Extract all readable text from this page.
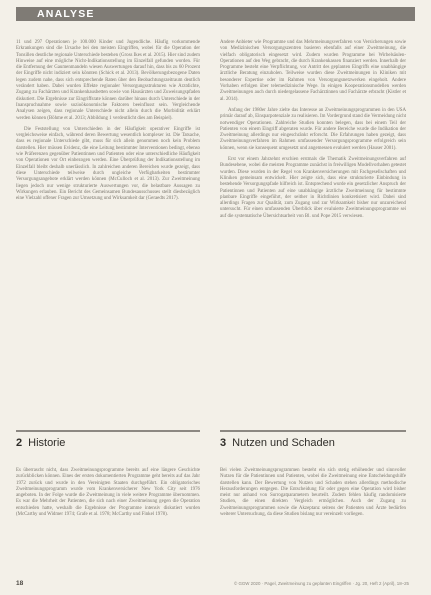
ANALYSE

11 und 297 Operationen je 100.000 Kinder und Jugendliche. Häufig vorkommende Erkrankungen sind die Ursache bei den meisten Eingriffen, wobei für die Operation der Tonsillen deutliche regionale Unterschiede bestehen (Gross Ikes et al. 2015). Hier sind zudem Hinweise auf eine mögliche Nicht-Indikationsstellung im Einzelfall gefunden worden. Für die Entfernung der Gaumenmandeln wiesen Auswertungen darauf hin, dass bis zu 60 Prozent der Eingriffe nicht indiziert sein könnten (Schick et al. 2013). Bevölkerungsbezogene Daten legen zudem nahe, dass sich entsprechende Raten über den Beobachtungszeitraum deutlich verändert haben. Dabei wurden Effekte regionaler Versorgungsstrukturen wie Arztdichte, Zugang zu Fachärzten und Krankenhausbetten sowie von Hausärzten und Zuweisungspfaden diskutiert. Die Ergebnisse zur Eingriffsrate können darüber hinaus durch Unterschiede in der Inanspruchnahme sowie sozioökonomische Faktoren beeinflusst sein. Vergleichende Analysen zeigen, dass regionale Unterschiede nicht allein durch die Morbidität erklärt werden können (Böhme et al. 2013; Abbildung 1 verdeutlicht dies am Beispiel).

Die Feststellung von Unterschieden in der Häufigkeit operativer Eingriffe ist vergleichsweise einfach, während deren Bewertung wesentlich komplexer ist. Die Tatsache, dass es regionale Unterschiede gibt, muss für sich allein genommen noch kein Problem darstellen. Hier müssen Evidenz, die eine Leitung bestimmter Interventionen bedingt, ebenso wie Präferenzen gegenüber Patientinnen und Patienten oder eine unterschiedliche Häufigkeit von Operationen vor Ort einbezogen werden. Eine Überprüfung der Indikationsstellung im Einzelfall bleibt deshalb unerlässlich. In zahlreichen anderen Bereichen wurde gezeigt, dass diese Unterschiede teilweise durch ungleiche Verfügbarkeiten bestimmter Versorgungsangebote erklärt werden können (McCulloch et al. 2013). Zur Zweitmeinung liegen jedoch nur wenige strukturierte Auswertungen vor, die belastbare Aussagen zu Wirkungen erlauben. Ein Bericht des Gemeinsamen Bundesausschusses stellt diesbezüglich eine Vielzahl offener Fragen zur Umsetzung und Wirksamkeit dar (Geraedts 2017).

Andere Anbieter wie Programme und das Mehrmeinungsverfahren von Versicherungen sowie von Medizinischen Versorgungszentren basieren ebenfalls auf einer Zweitmeinung, die vielfach obligatorisch eingesetzt wird. Zudem wurden Programme bei Wirbelsäulen-Operationen auf den Weg gebracht, die durch Krankenkassen finanziert werden. Innerhalb der Programme besteht eine Verpflichtung, vor Antritt des geplanten Eingriffs eine unabhängige ärztliche Beratung einzuholen. Teilweise wurden diese Zweitmeinungen in Kliniken mit besonderer Expertise oder im Rahmen von Versorgungsnetzwerken eingeholt. Andere Vorhaben erfolgen über telemedizinische Wege. In einigen Kooperationsmodellen werden Zweitmeinungen auch durch niedergelassene Fachärztinnen und Fachärzte erbracht (Kistler et al. 2014).

Anfang der 1980er Jahre zielte das Interesse an Zweitmeinungsprogrammen in den USA primär darauf ab, Einsparpotenziale zu realisieren. Im Vordergrund stand die Vermeidung nicht notwendiger Operationen. Zahlreiche Studien konnten belegen, dass bei einem Teil der Patienten von einem Eingriff abgeraten wurde. Für andere Bereiche wurde die Indikation der Zweitmeinung allerdings nur eingeschränkt erforscht. Die Erfahrungen haben gezeigt, dass Zweitmeinungsverfahren im Rahmen umfassender Versorgungsprogramme erfolgreich sein können, wenn sie konsequent umgesetzt und angemessen evaluiert werden (Hauser 2001).

Erst vor einem Jahrzehnt erschien erstmals die Thematik Zweitmeinungsverfahren auf Bundesebene, wobei die meisten Programme zunächst in freiwilligen Modellvorhaben getestet wurden. Diese wurden in der Regel von Krankenversicherungen mit Fachgesellschaften und Kliniken gemeinsam entwickelt. Hier zeigte sich, dass eine strukturierte Einbindung in bestehende Versorgungspfade hilfreich ist. Entsprechend wurde ein gesetzlicher Anspruch der Patientinnen und Patienten auf eine unabhängige ärztliche Zweitmeinung für bestimmte planbare Eingriffe eingeführt, der seither in Richtlinien konkretisiert wird. Dabei sind allerdings Fragen zur Qualität, zum Zugang und zur Wirksamkeit bisher nur unzureichend untersucht. Für einen umfassenden Überblick über evaluierte Zweitmeinungsprogramme sei auf die systematische Übersichtsarbeit von Bl. und Pope 2015 verwiesen.

2 Historie	3 Nutzen und Schaden

Es überrascht nicht, dass Zweitmeinungsprogramme bereits auf eine längere Geschichte zurückblicken können. Eines der ersten dokumentierten Programme geht bereits auf das Jahr 1972 zurück und wurde in den Vereinigten Staaten durchgeführt. Ein obligatorisches Zweitmeinungsprogramm wurde vom Krankenversicherer New York City seit 1976 angeboten. In der Folge wurde die Zweitmeinung in viele weitere Programme übernommen. Es war die Mehrheit der Patienten, die sich nach einer Zweitmeinung gegen die Operation entschieden hatte, weshalb die Ergebnisse der Programme intensiv diskutiert wurden (McCarthy und Widmer 1974; Grafe et al. 1978; McCarthy und Finkel 1978).

Bei vielen Zweitmeinungsprogrammen besteht ein sich stetig erhöhender und sinnvoller Nutzen für die Patientinnen und Patienten, wobei die Zweitmeinung eine Entscheidungshilfe darstellen kann. Der Bewertung von Nutzen und Schaden stehen allerdings methodische Herausforderungen entgegen. Die Entscheidung für oder gegen eine Operation wird bisher meist nur anhand von Surrogatparametern beurteilt. Zudem fehlen häufig randomisierte Studien, die einen direkten Vergleich ermöglichen. Auch der Zugang zu Zweitmeinungsprogrammen sowie die Akzeptanz seitens der Patienten und Ärzte bedürfen weiterer Untersuchung, da diese Studien bislang nur vereinzelt vorliegen.

18	© GGW 2020 · Pagel, Zweitmeinung zu geplanten Eingriffen · Jg. 20, Heft 2 (April), 18–25
